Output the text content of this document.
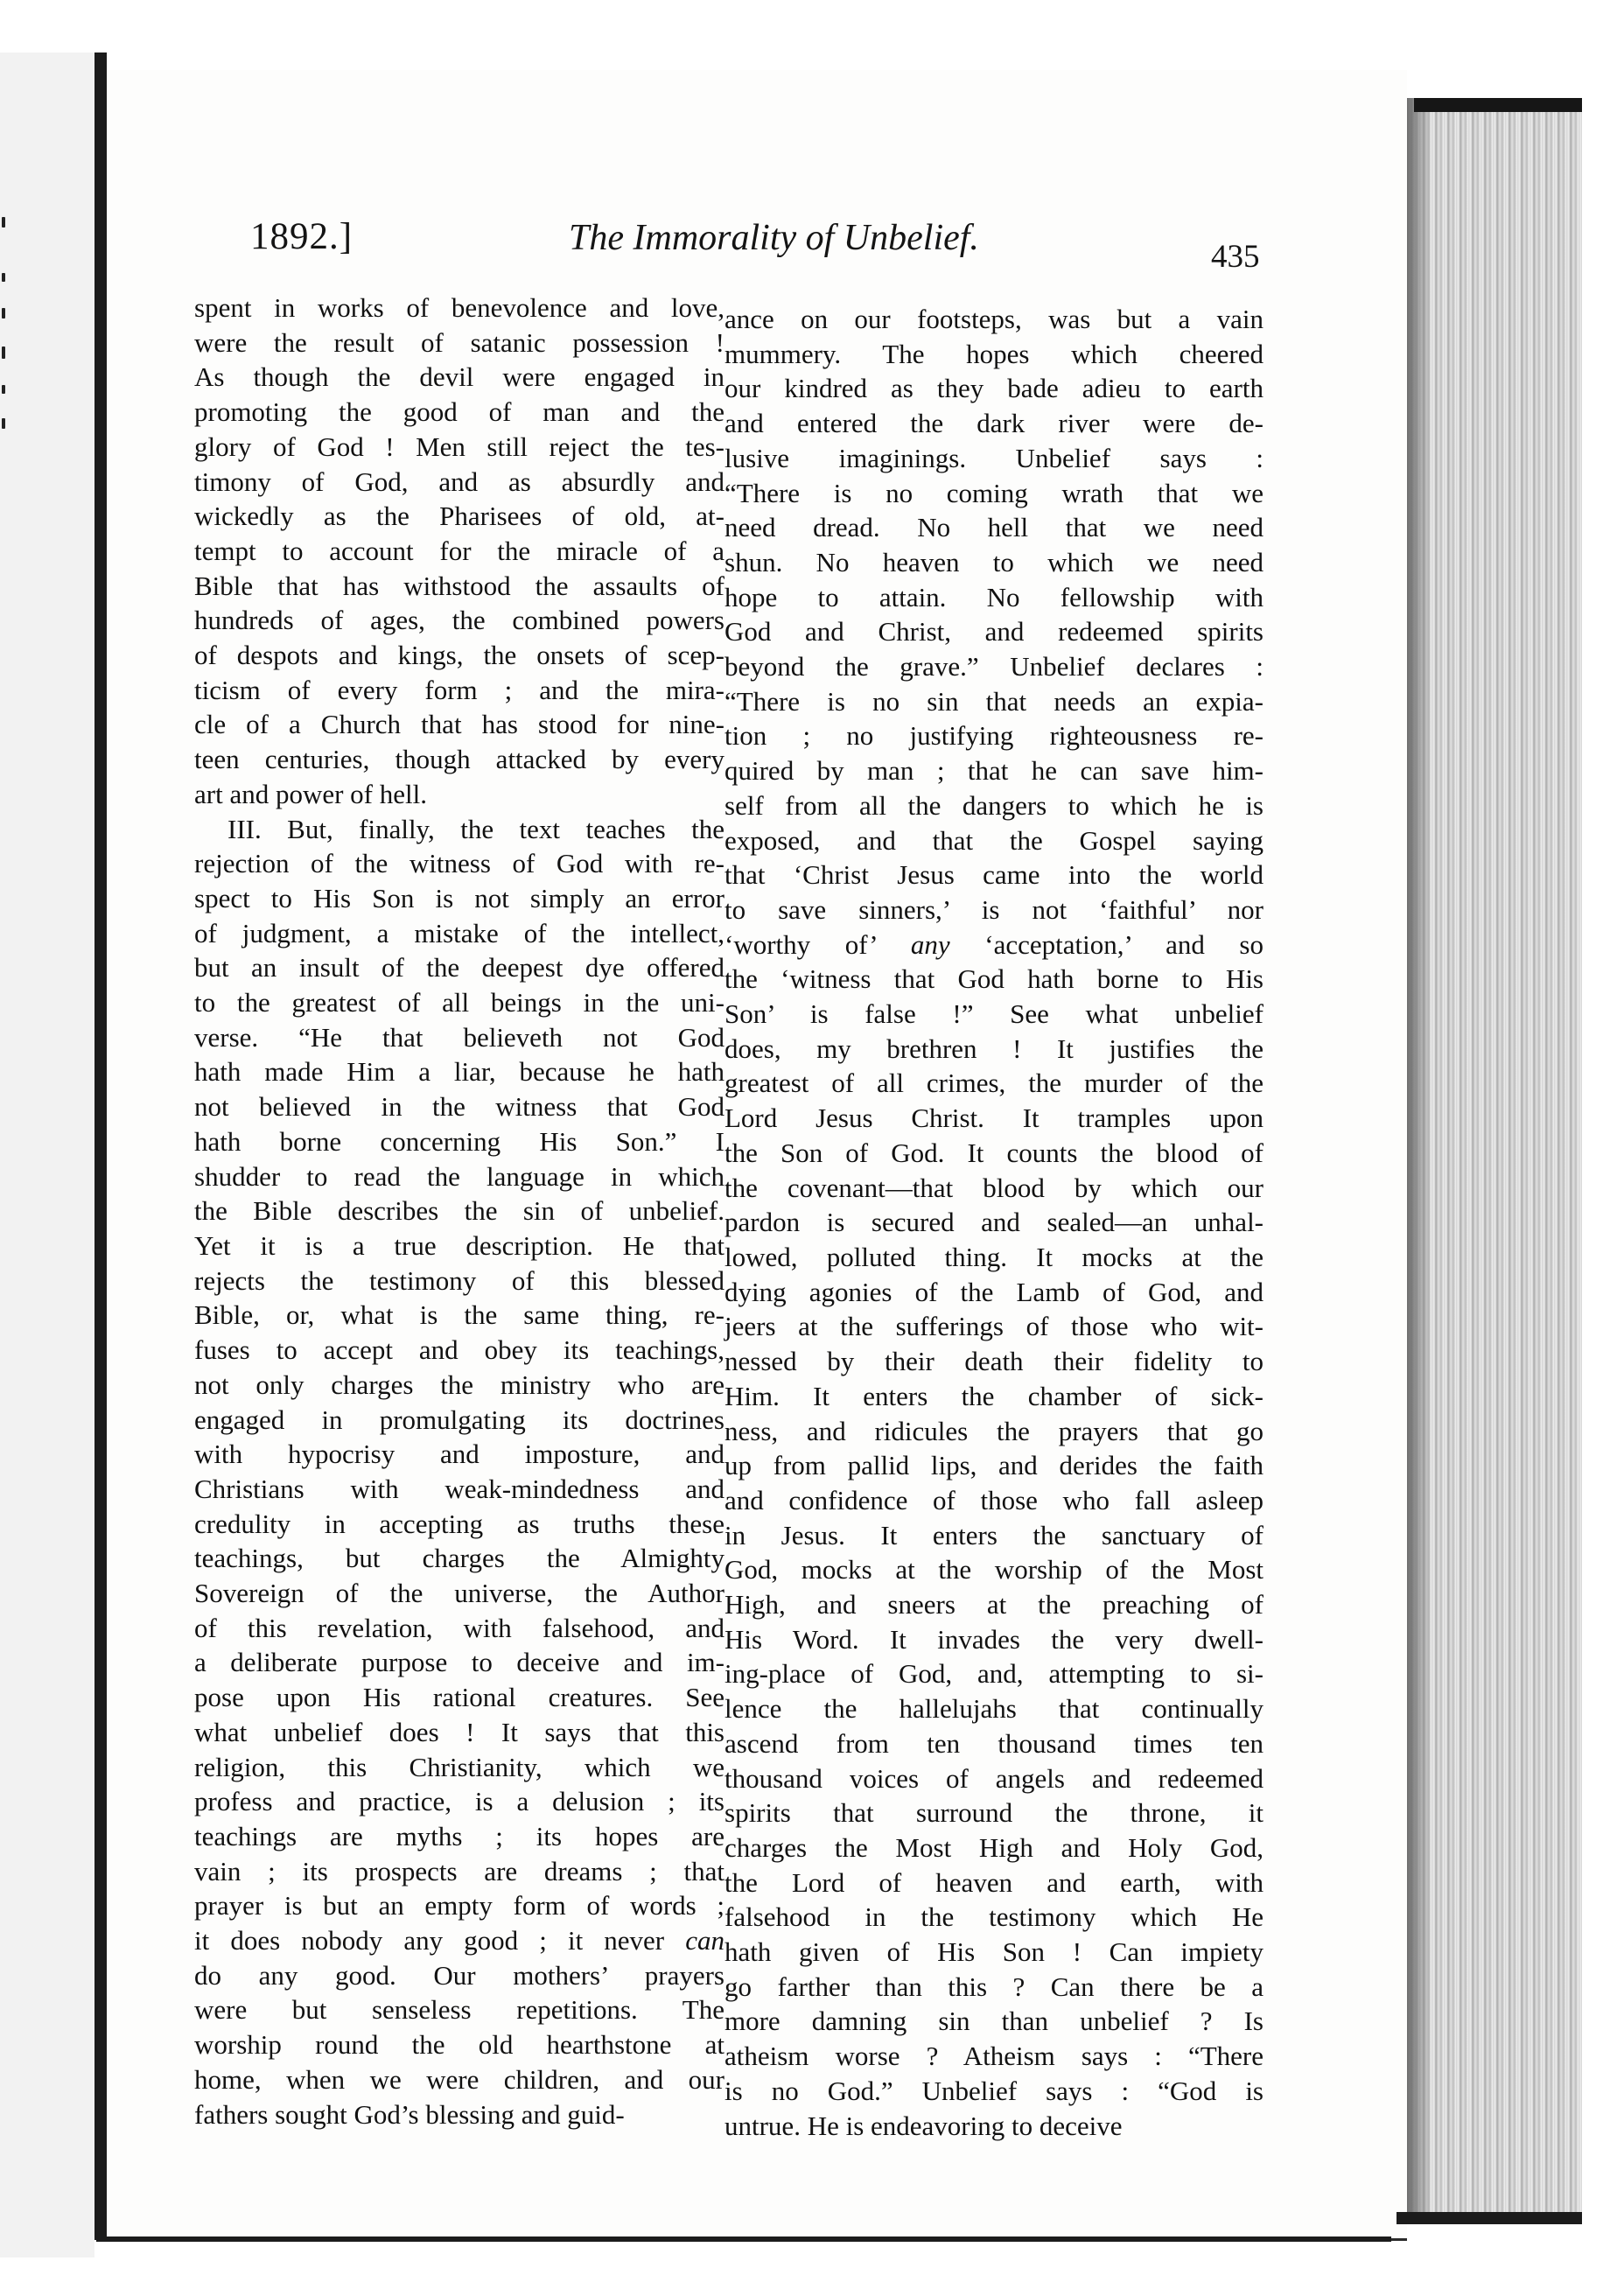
1892.]	The Immorality of Unbelief.	435
spent in works of benevolence and love,
were the result of satanic possession !
As though the devil were engaged in
promoting the good of man and the
glory of God ! Men still reject the tes-
timony of God, and as absurdly and
wickedly as the Pharisees of old, at-
tempt to account for the miracle of a
Bible that has withstood the assaults of
hundreds of ages, the combined powers
of despots and kings, the onsets of scep-
ticism of every form ; and the mira-
cle of a Church that has stood for nine-
teen centuries, though attacked by every
art and power of hell.
III. But, finally, the text teaches the
rejection of the witness of God with re-
spect to His Son is not simply an error
of judgment, a mistake of the intellect,
but an insult of the deepest dye offered
to the greatest of all beings in the uni-
verse. “He that believeth not God
hath made Him a liar, because he hath
not believed in the witness that God
hath borne concerning His Son.” I
shudder to read the language in which
the Bible describes the sin of unbelief.
Yet it is a true description. He that
rejects the testimony of this blessed
Bible, or, what is the same thing, re-
fuses to accept and obey its teachings,
not only charges the ministry who are
engaged in promulgating its doctrines
with hypocrisy and imposture, and
Christians with weak-mindedness and
credulity in accepting as truths these
teachings, but charges the Almighty
Sovereign of the universe, the Author
of this revelation, with falsehood, and
a deliberate purpose to deceive and im-
pose upon His rational creatures. See
what unbelief does ! It says that this
religion, this Christianity, which we
profess and practice, is a delusion ; its
teachings are myths ; its hopes are
vain ; its prospects are dreams ; that
prayer is but an empty form of words ;
it does nobody any good ; it never can
do any good. Our mothers’ prayers
were but senseless repetitions. The
worship round the old hearthstone at
home, when we were children, and our
fathers sought God’s blessing and guid-
ance on our footsteps, was but a vain
mummery. The hopes which cheered
our kindred as they bade adieu to earth
and entered the dark river were de-
lusive imaginings. Unbelief says :
“There is no coming wrath that we
need dread. No hell that we need
shun. No heaven to which we need
hope to attain. No fellowship with
God and Christ, and redeemed spirits
beyond the grave.” Unbelief declares :
“There is no sin that needs an expia-
tion ; no justifying righteousness re-
quired by man ; that he can save him-
self from all the dangers to which he is
exposed, and that the Gospel saying
that ‘Christ Jesus came into the world
to save sinners,’ is not ‘faithful’ nor
‘worthy of’ any ‘acceptation,’ and so
the ‘witness that God hath borne to His
Son’ is false !” See what unbelief
does, my brethren ! It justifies the
greatest of all crimes, the murder of the
Lord Jesus Christ. It tramples upon
the Son of God. It counts the blood of
the covenant—that blood by which our
pardon is secured and sealed—an unhal-
lowed, polluted thing. It mocks at the
dying agonies of the Lamb of God, and
jeers at the sufferings of those who wit-
nessed by their death their fidelity to
Him. It enters the chamber of sick-
ness, and ridicules the prayers that go
up from pallid lips, and derides the faith
and confidence of those who fall asleep
in Jesus. It enters the sanctuary of
God, mocks at the worship of the Most
High, and sneers at the preaching of
His Word. It invades the very dwell-
ing-place of God, and, attempting to si-
lence the hallelujahs that continually
ascend from ten thousand times ten
thousand voices of angels and redeemed
spirits that surround the throne, it
charges the Most High and Holy God,
the Lord of heaven and earth, with
falsehood in the testimony which He
hath given of His Son ! Can impiety
go farther than this ? Can there be a
more damning sin than unbelief ? Is
atheism worse ? Atheism says : “There
is no God.” Unbelief says : “God is
untrue. He is endeavoring to deceive
